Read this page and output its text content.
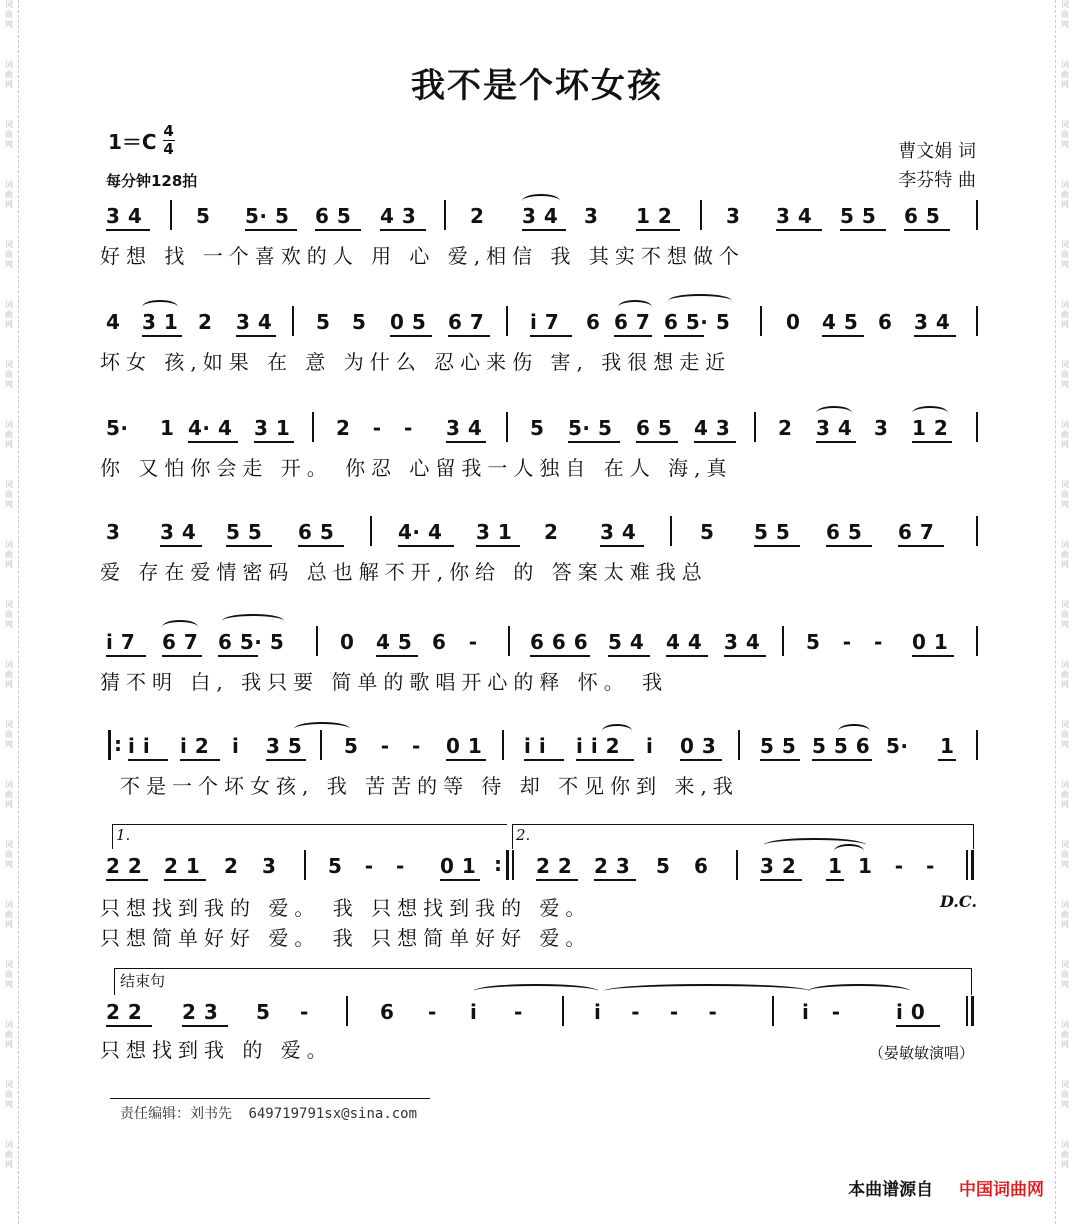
词
曲
网
词
曲
网
词
曲
网
词
曲
网
词
曲
网
词
曲
网
词
曲
网
词
曲
网
词
曲
网
词
曲
网
词
曲
网
词
曲
网
词
曲
网
词
曲
网
词
曲
网
词
曲
网
词
曲
网
词
曲
网
词
曲
网
词
曲
网
词
曲
网
词
曲
网
词
曲
网
词
曲
网
词
曲
网
词
曲
网
词
曲
网
词
曲
网
词
曲
网
词
曲
网
词
曲
网
词
曲
网
词
曲
网
词
曲
网
词
曲
网
词
曲
网
词
曲
网
词
曲
网
词
曲
网
词
曲
网
我不是个坏女孩
$1=C \frac{4}{4}$
每分钟128拍
曹文娟 词
李芬特 曲
3 4	5 5· 5 6 5 4 3	2 3 4 3 1 2	3 3 4 5 5 6 5
好想 找 一个喜欢的人 用 心 爱,相信 我 其实不想做个
4 3 1 2 3 4 5 5 0 5 6 7 i 7 6 6 7 6 5· 5	0 4 5 6 3 4
坏女 孩,如果 在 意 为什么 忍心来伤 害, 我很想走近
5· 1 4· 4 3 1 2   -   - 3 4 5 5· 5 6 5 4 3 2 3 4 3 1 2
你 又怕你会走 开。 你忍 心留我一人独自 在人 海,真
3 3 4 5 5 6 5	4· 4 3 1 2 3 4	5 5 5 6 5 6 7
爱 存在爱情密码 总也解不开,你给 的 答案太难我总
i 7 6 7 6 5· 5	0 4 5 6   -	6 6 6 5 4 4 4 3 4 5   -   - 0 1
猜不明 白, 我只要 简单的歌唱开心的释 怀。 我
: i i i 2 i 3 5 5   -   - 0 1 i i i i 2 i 0 3 5 5 5 5 6 5· 1
不是一个坏女孩, 我 苦苦的等 待 却 不见你到 来,我
1.	2.
2 2 2 1 2 3	5   -   - 0 1 : 2 2 2 3 5 6	3 2 1 1   -   -
只想找到我的 爱。 我 只想找到我的 爱。
只想简单好好 爱。 我 只想简单好好 爱。
D.C.
结束句
2 2 2 3 5 -	6 - i -	i    -    -    -	i   -	i 0
只想找到我 的 爱。	（晏敏敏演唱）
责任编辑：刘书先 649719791sx@sina.com
本曲谱源自 中国词曲网
